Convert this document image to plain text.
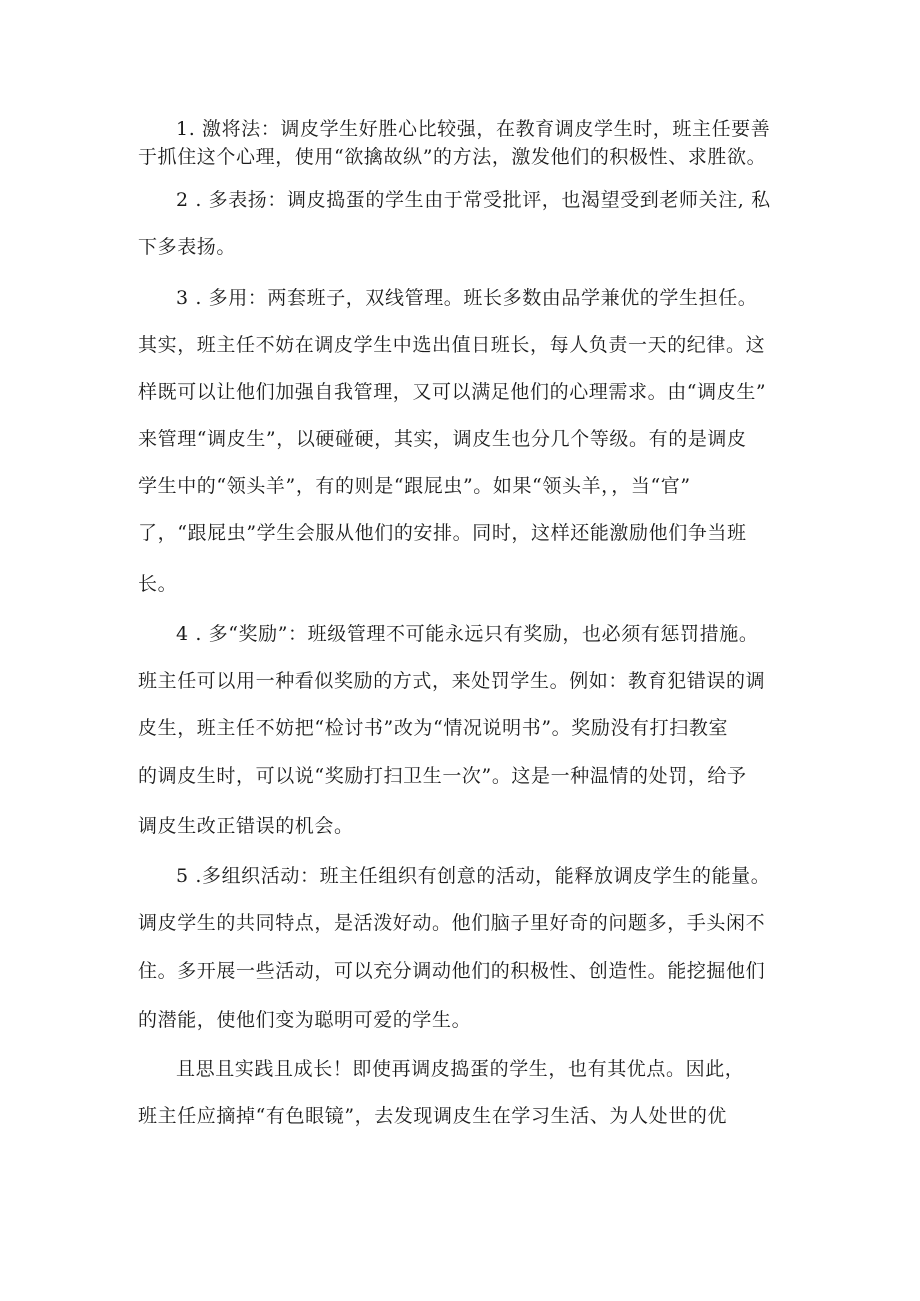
1. 激将法：调皮学生好胜心比较强，在教育调皮学生时，班主任要善
于抓住这个心理，使用“欲擒故纵”的方法，激发他们的积极性、求胜欲。
2 . 多表扬：调皮捣蛋的学生由于常受批评，也渴望受到老师关注, 私
下多表扬。
3 . 多用：两套班子，双线管理。班长多数由品学兼优的学生担任。
其实，班主任不妨在调皮学生中选出值日班长，每人负责一天的纪律。这
样既可以让他们加强自我管理，又可以满足他们的心理需求。由“调皮生”
来管理“调皮生”，以硬碰硬，其实，调皮生也分几个等级。有的是调皮
学生中的“领头羊”，有的则是“跟屁虫”。如果“领头羊，，当“官”
了，“跟屁虫”学生会服从他们的安排。同时，这样还能激励他们争当班
长。
4 . 多“奖励”：班级管理不可能永远只有奖励，也必须有惩罚措施。
班主任可以用一种看似奖励的方式，来处罚学生。例如：教育犯错误的调
皮生，班主任不妨把“检讨书”改为“情况说明书”。奖励没有打扫教室
的调皮生时，可以说“奖励打扫卫生一次”。这是一种温情的处罚，给予
调皮生改正错误的机会。
5 .多组织活动：班主任组织有创意的活动，能释放调皮学生的能量。
调皮学生的共同特点，是活泼好动。他们脑子里好奇的问题多，手头闲不
住。多开展一些活动，可以充分调动他们的积极性、创造性。能挖掘他们
的潜能，使他们变为聪明可爱的学生。
且思且实践且成长！即使再调皮捣蛋的学生，也有其优点。因此，
班主任应摘掉“有色眼镜”，去发现调皮生在学习生活、为人处世的优
